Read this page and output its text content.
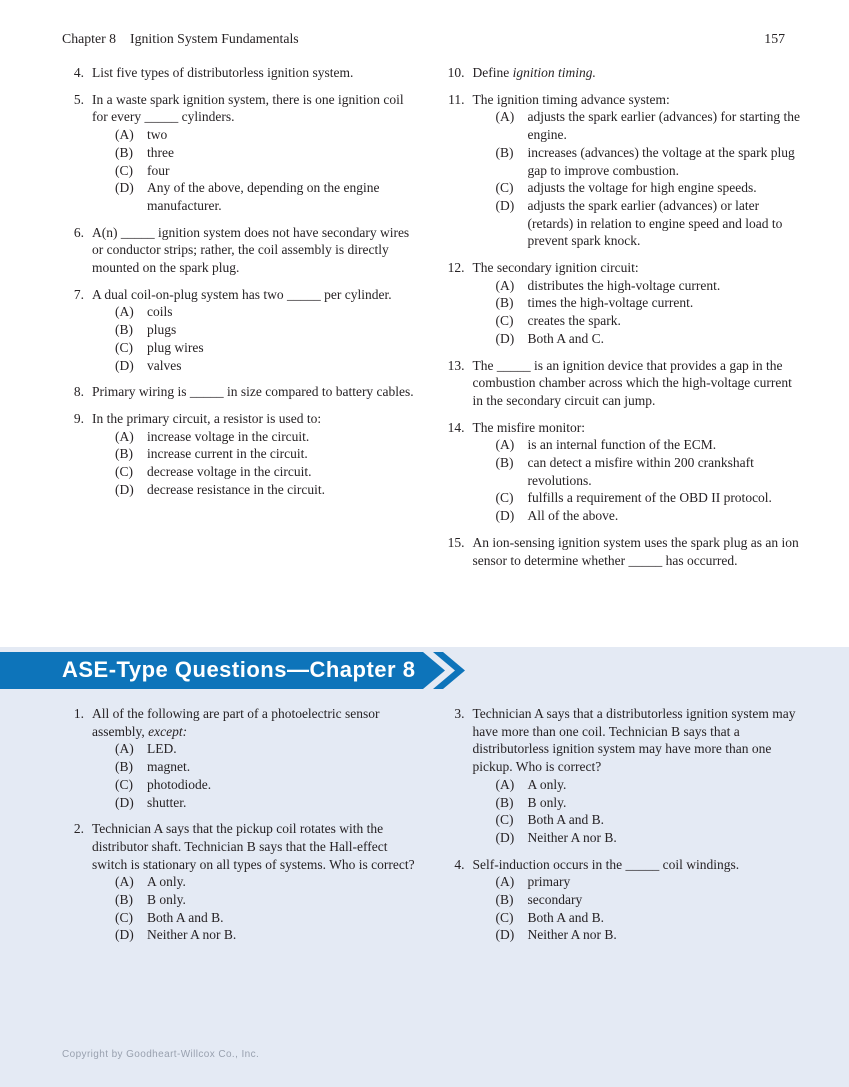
Chapter 8 Ignition System Fundamentals	157
4. List five types of distributorless ignition system.
5. In a waste spark ignition system, there is one ignition coil for every _____ cylinders.
(A) two
(B)	three
(C)	four
(D) Any of the above, depending on the engine manufacturer.
6. A(n) _____ ignition system does not have secondary wires or conductor strips; rather, the coil assembly is directly mounted on the spark plug.
7. A dual coil-on-plug system has two _____ per cylinder.
(A) coils
(B)	plugs
(C)	plug wires
(D) valves
8. Primary wiring is _____ in size compared to battery cables.
9. In the primary circuit, a resistor is used to:
(A) increase voltage in the circuit.
(B)	increase current in the circuit.
(C)	decrease voltage in the circuit.
(D) decrease resistance in the circuit.
10. Define ignition timing.
11. The ignition timing advance system:
(A) adjusts the spark earlier (advances) for starting the engine.
(B)	increases (advances) the voltage at the spark plug gap to improve combustion.
(C)	adjusts the voltage for high engine speeds.
(D) adjusts the spark earlier (advances) or later (retards) in relation to engine speed and load to prevent spark knock.
12. The secondary ignition circuit:
(A) distributes the high-voltage current.
(B)	times the high-voltage current.
(C)	creates the spark.
(D) Both A and C.
13. The _____ is an ignition device that provides a gap in the combustion chamber across which the high-voltage current in the secondary circuit can jump.
14. The misfire monitor:
(A) is an internal function of the ECM.
(B)	can detect a misfire within 200 crankshaft revolutions.
(C)	fulfills a requirement of the OBD II protocol.
(D) All of the above.
15. An ion-sensing ignition system uses the spark plug as an ion sensor to determine whether _____ has occurred.
ASE-Type Questions—Chapter 8
1. All of the following are part of a photoelectric sensor assembly, except:
(A) LED.
(B)	magnet.
(C)	photodiode.
(D) shutter.
2. Technician A says that the pickup coil rotates with the distributor shaft. Technician B says that the Hall-effect switch is stationary on all types of systems. Who is correct?
(A) A only.
(B)	B only.
(C)	Both A and B.
(D) Neither A nor B.
3. Technician A says that a distributorless ignition system may have more than one coil. Technician B says that a distributorless ignition system may have more than one pickup. Who is correct?
(A) A only.
(B)	B only.
(C)	Both A and B.
(D) Neither A nor B.
4. Self-induction occurs in the _____ coil windings.
(A) primary
(B)	secondary
(C)	Both A and B.
(D) Neither A nor B.
Copyright by Goodheart-Willcox Co., Inc.
